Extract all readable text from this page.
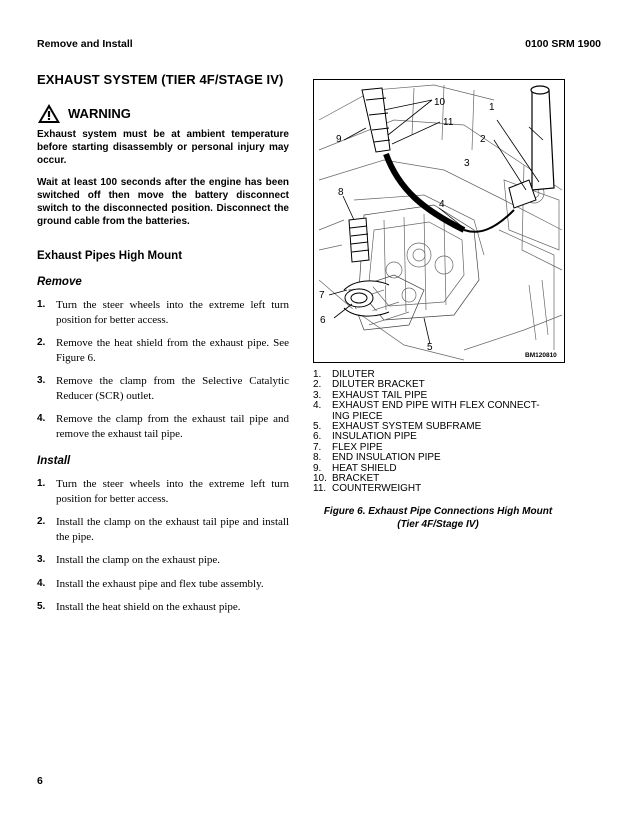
Remove and Install	0100 SRM 1900
EXHAUST SYSTEM (TIER 4F/STAGE IV)
WARNING

Exhaust system must be at ambient temperature before starting disassembly or personal injury may occur.

Wait at least 100 seconds after the engine has been switched off then move the battery disconnect switch to the disconnected position. Disconnect the ground cable from the batteries.

Exhaust Pipes High Mount
Remove
1. Turn the steer wheels into the extreme left turn position for better access.
2. Remove the heat shield from the exhaust pipe. See Figure 6.
3. Remove the clamp from the Selective Catalytic Reducer (SCR) outlet.
4. Remove the clamp from the exhaust tail pipe and remove the exhaust tail pipe.
Install
1. Turn the steer wheels into the extreme left turn position for better access.
2. Install the clamp on the exhaust tail pipe and install the pipe.
3. Install the clamp on the exhaust pipe.
4. Install the exhaust pipe and flex tube assembly.
5. Install the heat shield on the exhaust pipe.
10	1
11
9	2
3
8
4
7
6
5
BM120810
1.	DILUTER
2.	DILUTER BRACKET
3.	EXHAUST TAIL PIPE
4.	EXHAUST END PIPE WITH FLEX CONNECT-
ING PIECE
5.	EXHAUST SYSTEM SUBFRAME
6.	INSULATION PIPE
7.	FLEX PIPE
8.	END INSULATION PIPE
9.	HEAT SHIELD
10. BRACKET
11. COUNTERWEIGHT
Figure 6. Exhaust Pipe Connections High Mount
(Tier 4F/Stage IV)
6
